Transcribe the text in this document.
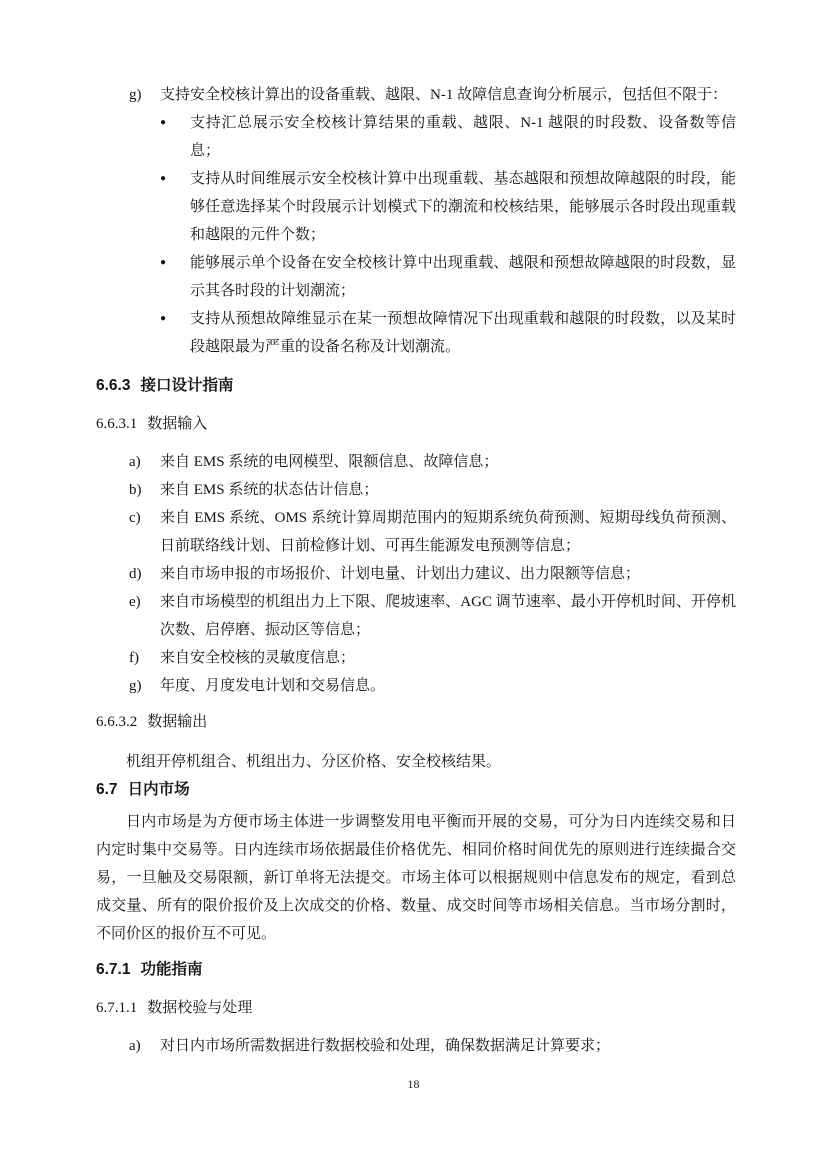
g) 支持安全校核计算出的设备重载、越限、N-1 故障信息查询分析展示，包括但不限于：
● 支持汇总展示安全校核计算结果的重载、越限、N-1 越限的时段数、设备数等信息；
● 支持从时间维展示安全校核计算中出现重载、基态越限和预想故障越限的时段，能够任意选择某个时段展示计划模式下的潮流和校核结果，能够展示各时段出现重载和越限的元件个数；
● 能够展示单个设备在安全校核计算中出现重载、越限和预想故障越限的时段数，显示其各时段的计划潮流；
● 支持从预想故障维显示在某一预想故障情况下出现重载和越限的时段数，以及某时段越限最为严重的设备名称及计划潮流。
6.6.3 接口设计指南
6.6.3.1 数据输入
a) 来自 EMS 系统的电网模型、限额信息、故障信息；
b) 来自 EMS 系统的状态估计信息；
c) 来自 EMS 系统、OMS 系统计算周期范围内的短期系统负荷预测、短期母线负荷预测、日前联络线计划、日前检修计划、可再生能源发电预测等信息；
d) 来自市场申报的市场报价、计划电量、计划出力建议、出力限额等信息；
e) 来自市场模型的机组出力上下限、爬坡速率、AGC 调节速率、最小开停机时间、开停机次数、启停磨、振动区等信息；
f) 来自安全校核的灵敏度信息；
g) 年度、月度发电计划和交易信息。
6.6.3.2 数据输出

机组开停机组合、机组出力、分区价格、安全校核结果。

6.7 日内市场

日内市场是为方便市场主体进一步调整发用电平衡而开展的交易，可分为日内连续交易和日内定时集中交易等。日内连续市场依据最佳价格优先、相同价格时间优先的原则进行连续撮合交易，一旦触及交易限额，新订单将无法提交。市场主体可以根据规则中信息发布的规定，看到总成交量、所有的限价报价及上次成交的价格、数量、成交时间等市场相关信息。当市场分割时，不同价区的报价互不可见。

6.7.1 功能指南
6.7.1.1 数据校验与处理
a) 对日内市场所需数据进行数据校验和处理，确保数据满足计算要求；
18
